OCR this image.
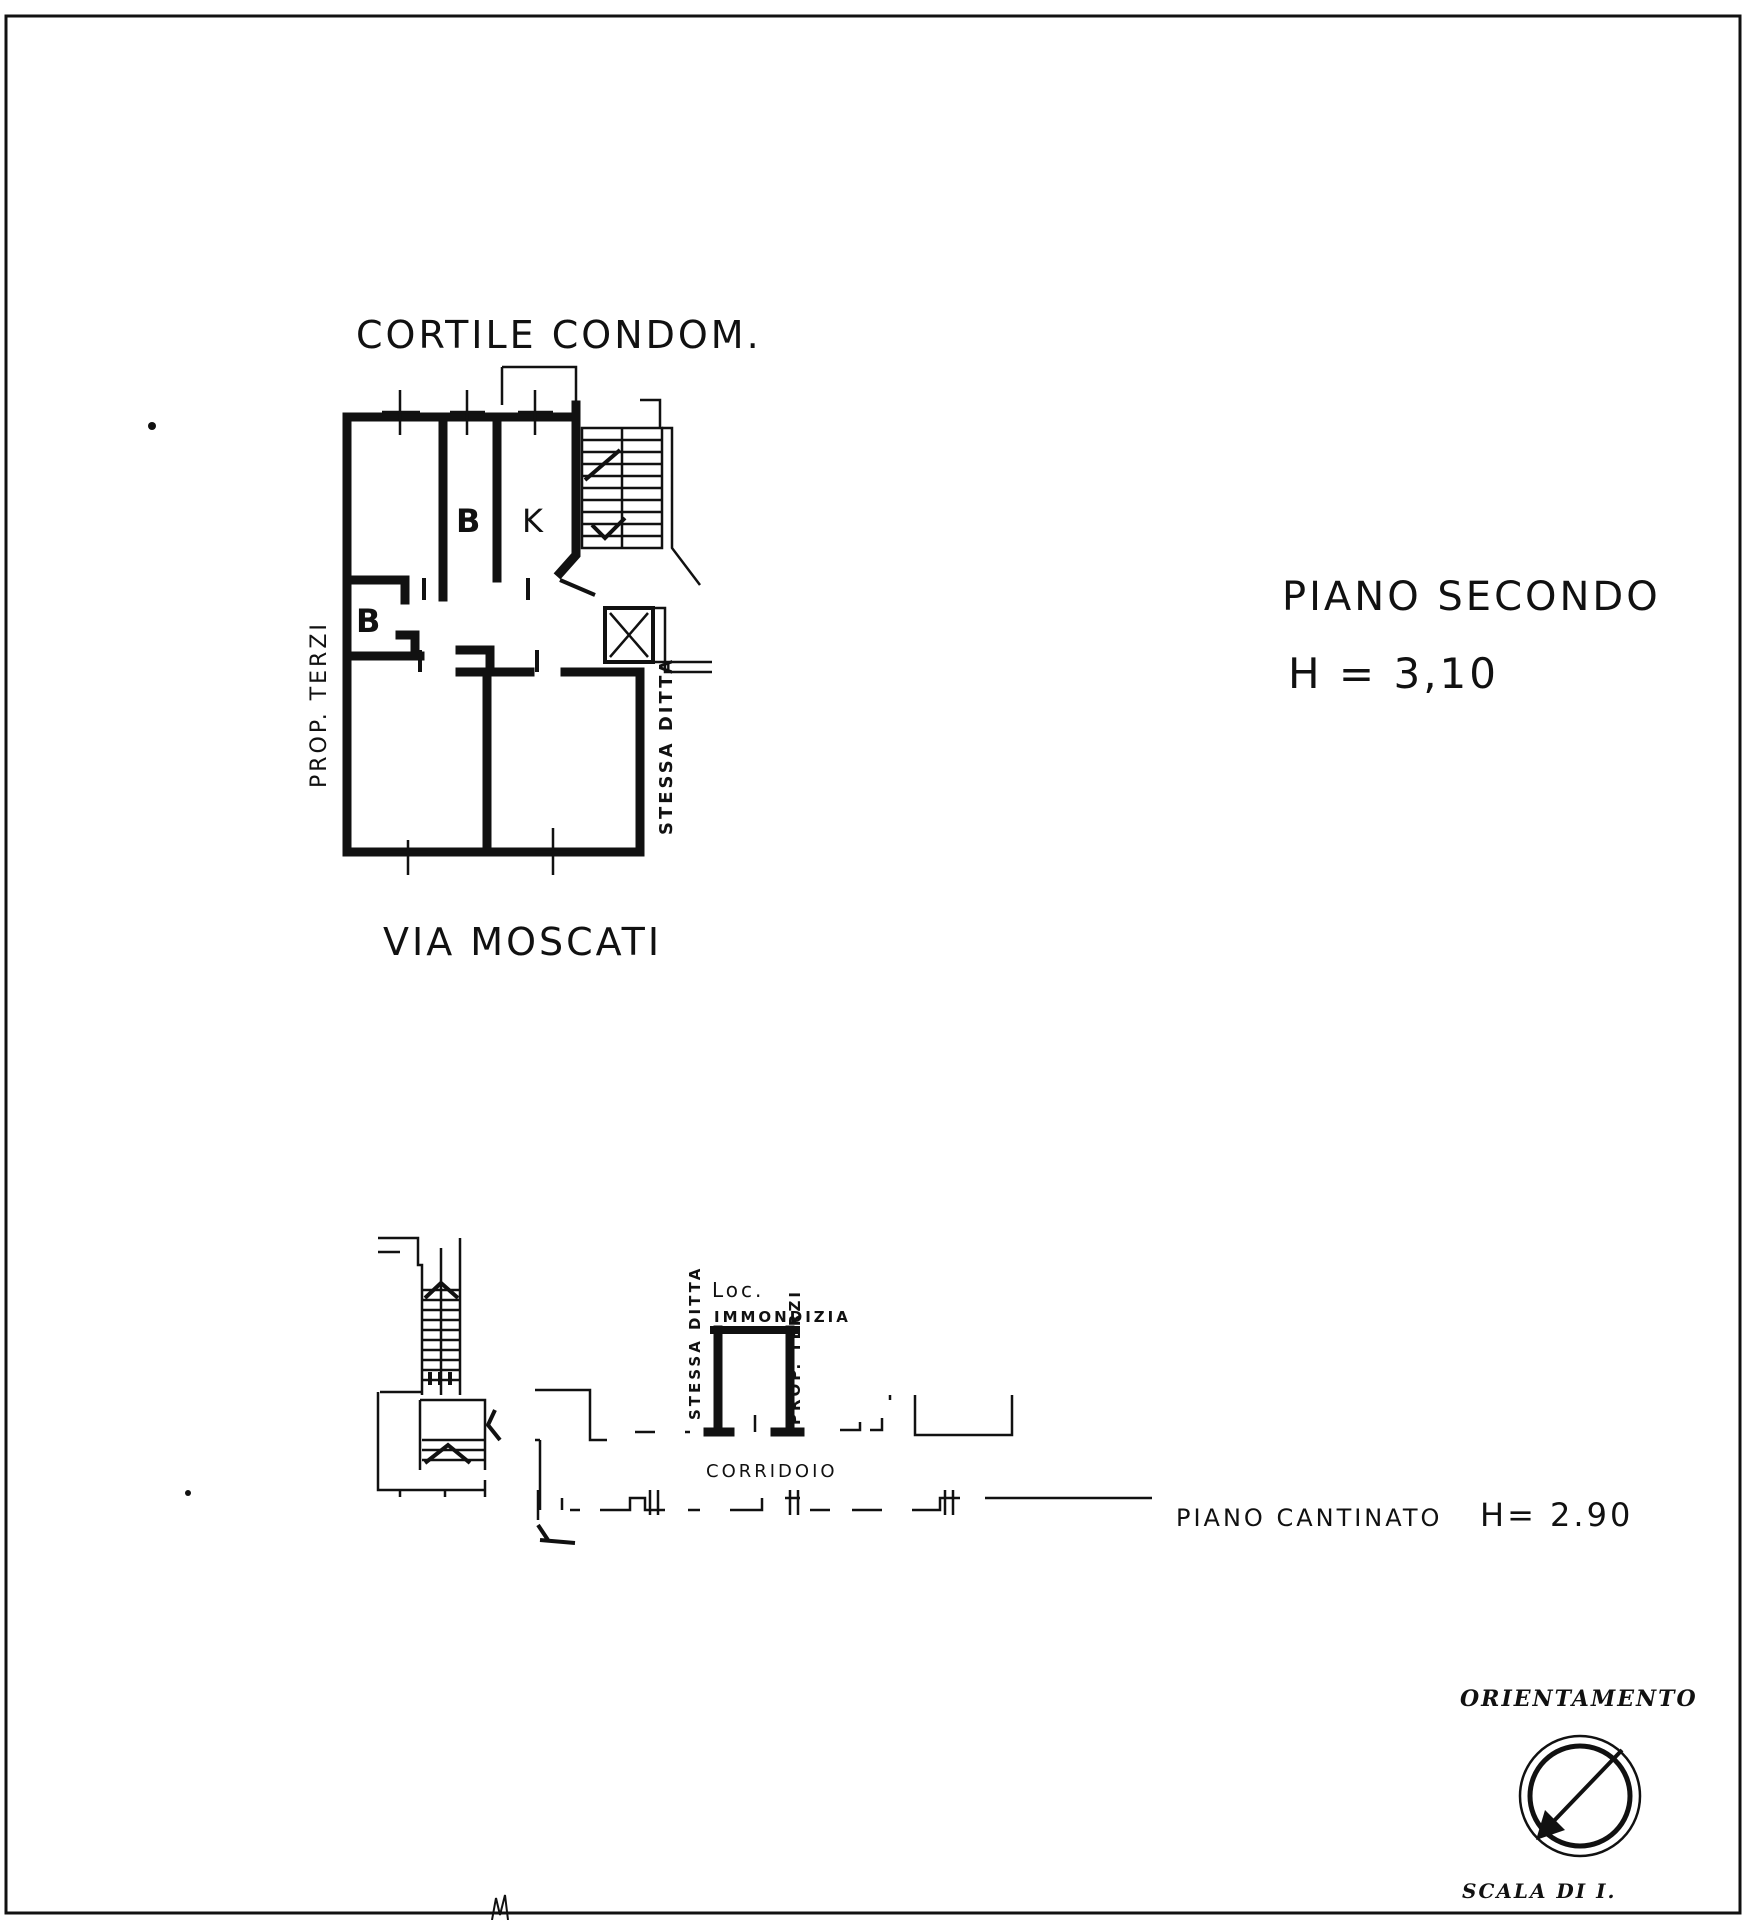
B K
B
CORTILE CONDOM.
VIA MOSCATI
PROP. TERZI	STESSA DITTA
PIANO SECONDO
H = 3,10
Loc.
IMMONDIZIA
STESSA DITTA	PROP. TERZI
CORRIDOIO
PIANO CANTINATO H= 2.90
ORIENTAMENTO
SCALA DI I.
